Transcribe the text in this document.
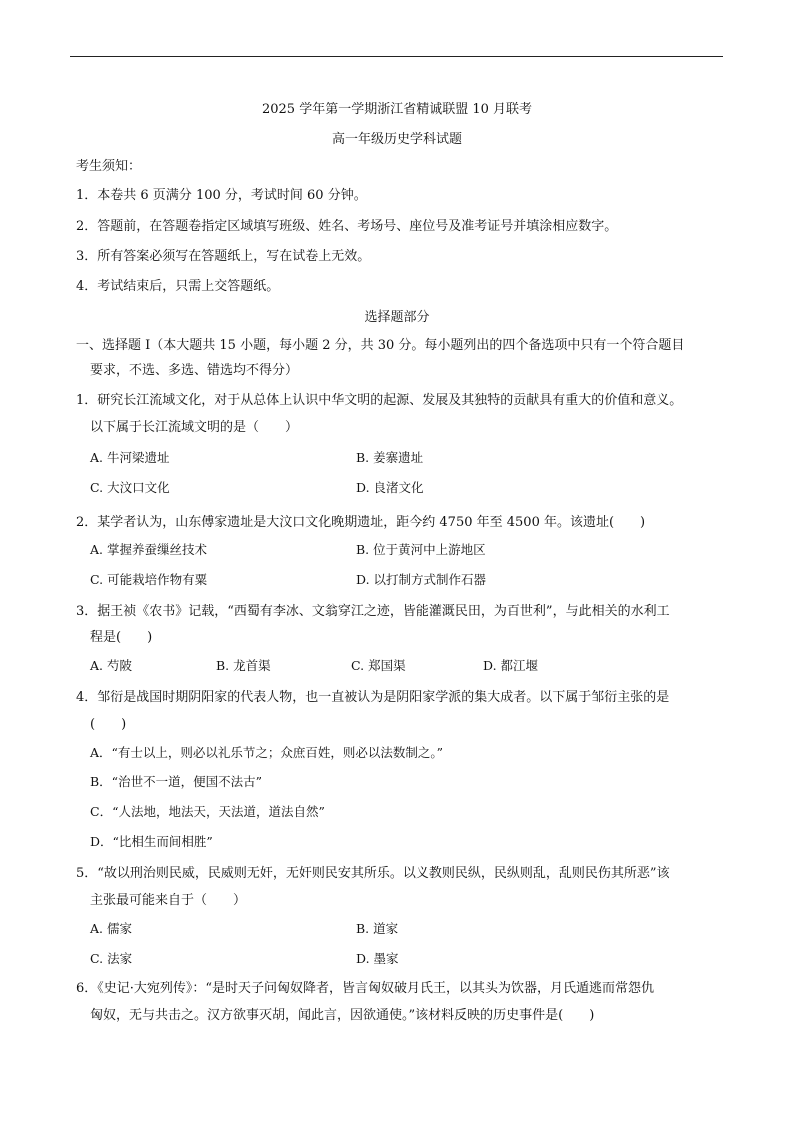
2025 学年第一学期浙江省精诚联盟 10 月联考
高一年级历史学科试题
考生须知：
1．本卷共 6 页满分 100 分，考试时间 60 分钟。
2．答题前，在答题卷指定区域填写班级、姓名、考场号、座位号及准考证号并填涂相应数字。
3．所有答案必须写在答题纸上，写在试卷上无效。
4．考试结束后，只需上交答题纸。
选择题部分
一、选择题 I（本大题共 15 小题，每小题 2 分，共 30 分。每小题列出的四个备选项中只有一个符合题目
要求，不选、多选、错选均不得分）
1．研究长江流域文化，对于从总体上认识中华文明的起源、发展及其独特的贡献具有重大的价值和意义。
以下属于长江流域文明的是（　　）
A. 牛河梁遗址	B. 姜寨遗址
C. 大汶口文化	D. 良渚文化
2．某学者认为，山东傅家遗址是大汶口文化晚期遗址，距今约 4750 年至 4500 年。该遗址(　　)
A. 掌握养蚕缫丝技术	B. 位于黄河中上游地区
C. 可能栽培作物有粟	D. 以打制方式制作石器
3．据王祯《农书》记载，“西蜀有李冰、文翁穿江之迹，皆能灌溉民田，为百世利”，与此相关的水利工
程是(　　)
A. 芍陂	B. 龙首渠	C. 郑国渠	D. 都江堰
4．邹衍是战国时期阴阳家的代表人物，也一直被认为是阴阳家学派的集大成者。以下属于邹衍主张的是
(　　)
A．“有士以上，则必以礼乐节之；众庶百姓，则必以法数制之。”
B．“治世不一道，便国不法古”
C．“人法地，地法天，天法道，道法自然”
D．“比相生而间相胜”
5．“故以刑治则民威，民威则无奸，无奸则民安其所乐。以义教则民纵，民纵则乱，乱则民伤其所恶”该
主张最可能来自于（　　）
A. 儒家	B. 道家
C. 法家	D. 墨家
6．《史记·大宛列传》：“是时天子问匈奴降者，皆言匈奴破月氏王，以其头为饮器，月氏遁逃而常怨仇
匈奴，无与共击之。汉方欲事灭胡，闻此言，因欲通使。”该材料反映的历史事件是(　　)
